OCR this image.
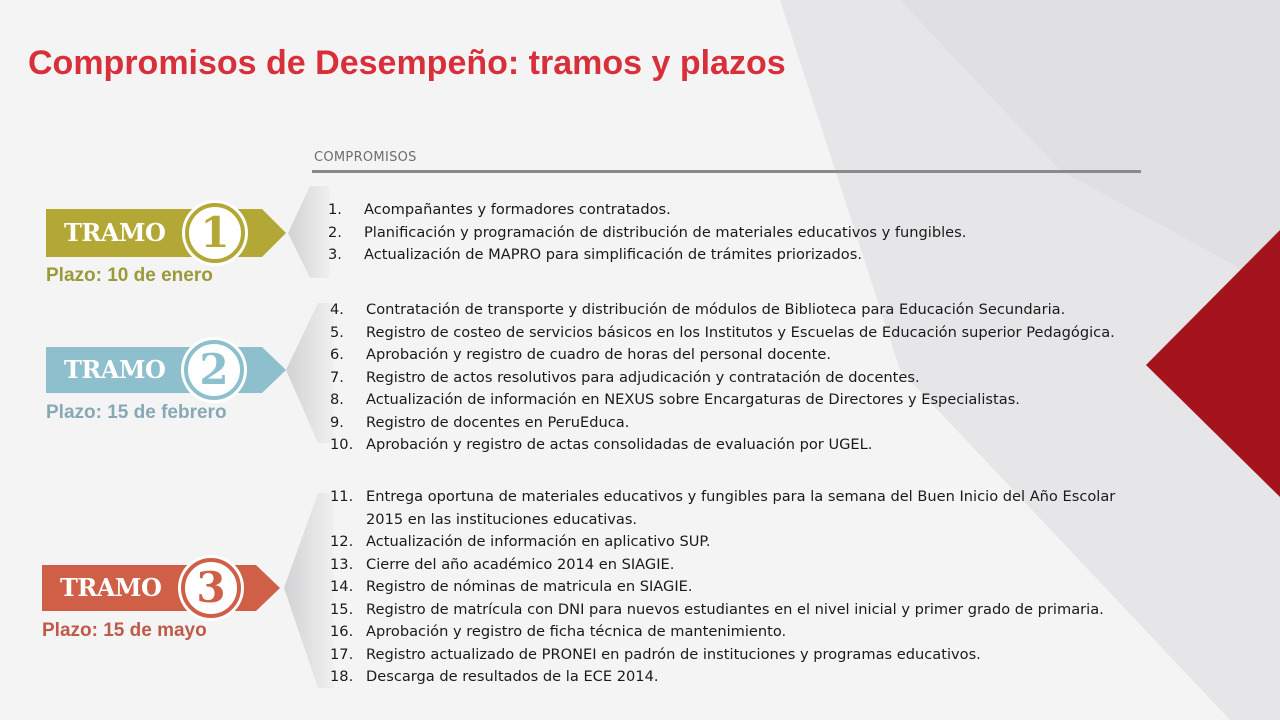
Compromisos de Desempeño: tramos y plazos
COMPROMISOS
TRAMO 1
Plazo: 10 de enero
TRAMO 2
Plazo: 15 de febrero
TRAMO 3
Plazo: 15 de mayo
1. Acompañantes y formadores contratados.
2. Planificación y programación de distribución de materiales educativos y fungibles.
3. Actualización de MAPRO para simplificación de trámites priorizados.
4. Contratación de transporte y distribución de módulos de Biblioteca para Educación Secundaria.
5. Registro de costeo de servicios básicos en los Institutos y Escuelas de Educación superior Pedagógica.
6. Aprobación y registro de cuadro de horas del personal docente.
7. Registro de actos resolutivos para adjudicación y contratación de docentes.
8. Actualización de información en NEXUS sobre Encargaturas de Directores y Especialistas.
9. Registro de docentes en PeruEduca.
10. Aprobación y registro de actas consolidadas de evaluación por UGEL.
11. Entrega oportuna de materiales educativos y fungibles para la semana del Buen Inicio del Año Escolar 2015 en las instituciones educativas.
12. Actualización de información en aplicativo SUP.
13. Cierre del año académico 2014 en SIAGIE.
14. Registro de nóminas de matricula en SIAGIE.
15. Registro de matrícula con DNI para nuevos estudiantes en el nivel inicial y primer grado de primaria.
16. Aprobación y registro de ficha técnica de mantenimiento.
17. Registro actualizado de PRONEI en padrón de instituciones y programas educativos.
18. Descarga de resultados de la ECE 2014.
